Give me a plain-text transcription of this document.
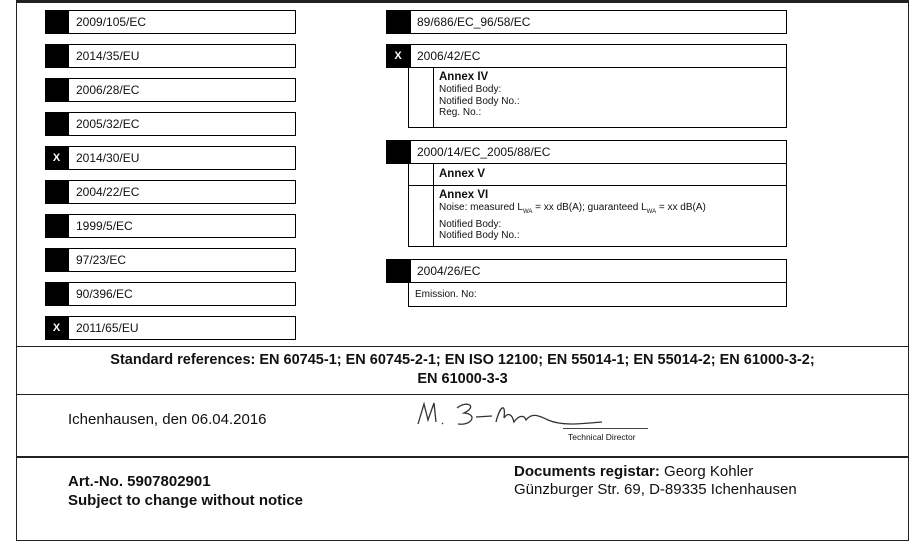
2009/105/EC
2014/35/EU
2006/28/EC
2005/32/EC
X	2014/30/EU
2004/22/EC
1999/5/EC
97/23/EC
90/396/EC
X	2011/65/EU
89/686/EC_96/58/EC
X	2006/42/EC
Annex IV
Notified Body:
Notified Body No.:
Reg. No.:
2000/14/EC_2005/88/EC
Annex V
Annex VI
Noise: measured $L_{WA}$ = xx dB(A); guaranteed $L_{WA}$ = xx dB(A)
Notified Body:
Notified Body No.:
2004/26/EC
Emission. No:
Standard references: EN 60745-1; EN 60745-2-1; EN ISO 12100; EN 55014-1; EN 55014-2; EN 61000-3-2;
EN 61000-3-3
Ichenhausen, den 06.04.2016
Technical Director
Art.-No. 5907802901
Subject to change without notice
Documents registar: Georg Kohler
Günzburger Str. 69, D-89335 Ichenhausen
